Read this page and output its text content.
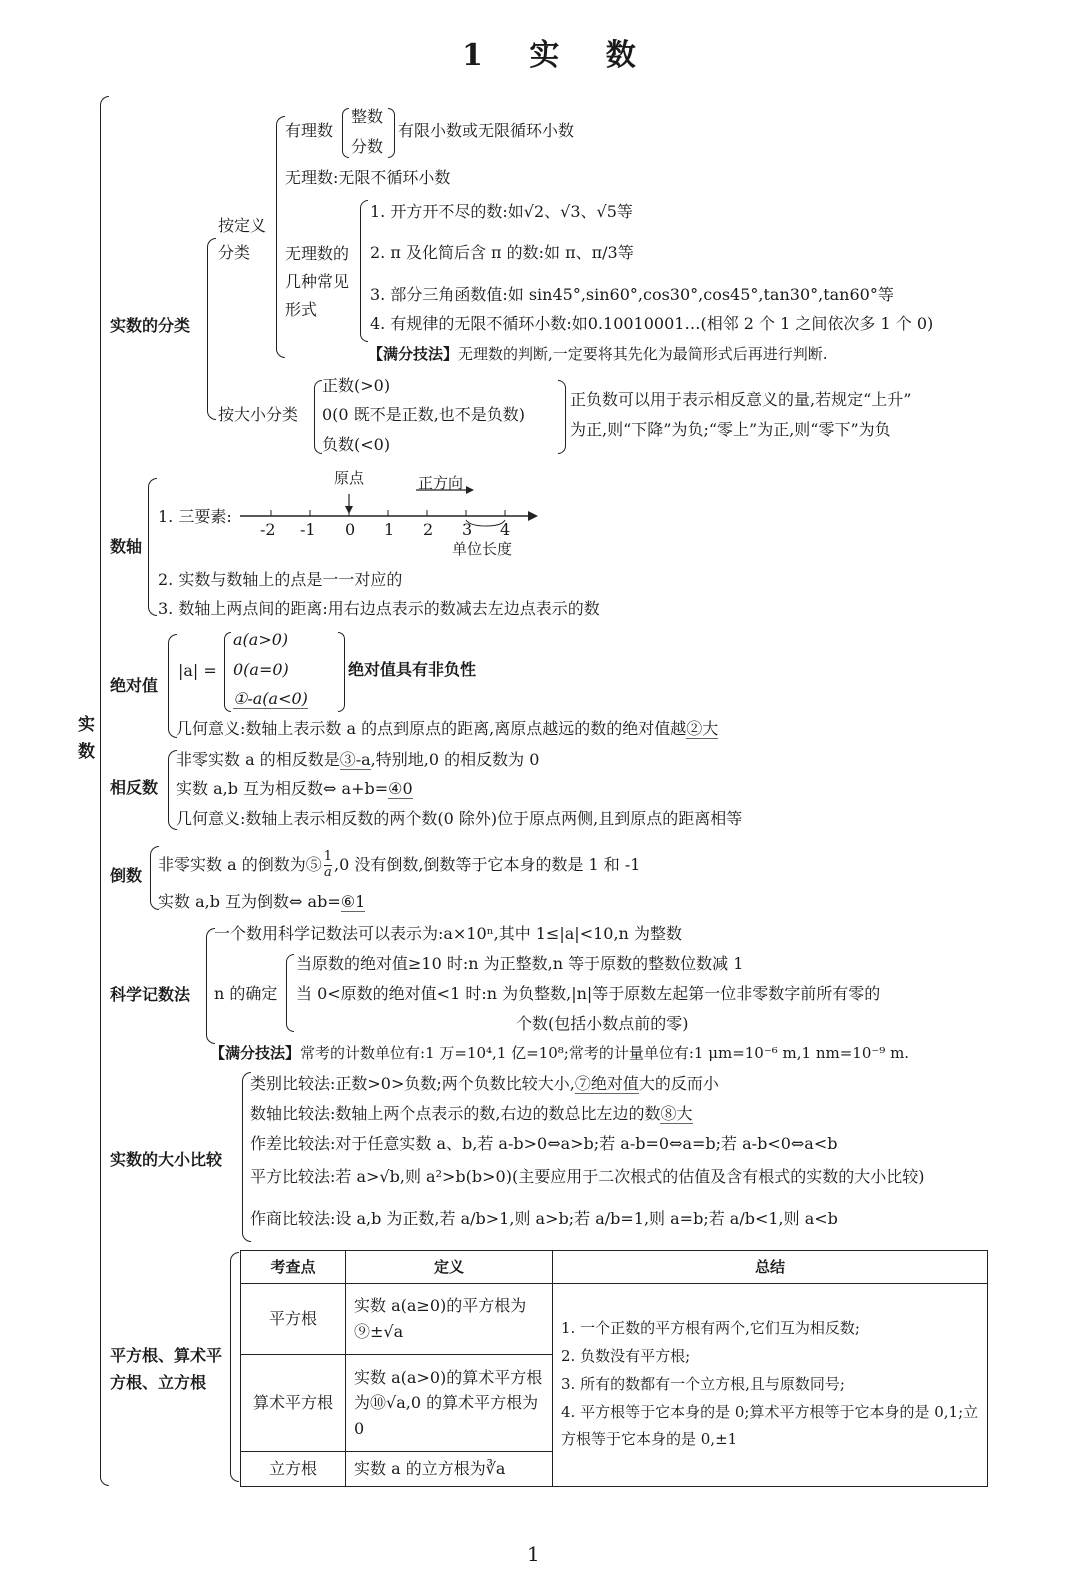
1 实 数
实数
实数的分类
按定义分类
有理数
整数
分数
有限小数或无限循环小数
无理数:无限不循环小数
无理数的几种常见形式
1. 开方开不尽的数:如√2、√3、√5等
2. π 及化简后含 π 的数:如 π、π/3等
3. 部分三角函数值:如 sin45°,sin60°,cos30°,cos45°,tan30°,tan60°等
4. 有规律的无限不循环小数:如0.10010001…(相邻 2 个 1 之间依次多 1 个 0)
【满分技法】无理数的判断,一定要将其先化为最简形式后再进行判断.
按大小分类
正数(>0)
0(0 既不是正数,也不是负数)
负数(<0)
正负数可以用于表示相反意义的量,若规定“上升”
为正,则“下降”为负;“零上”为正,则“零下”为负
数轴
1. 三要素:
原点	正方向
-2 -1 0 1 2 3 4
单位长度
2. 实数与数轴上的点是一一对应的
3. 数轴上两点间的距离:用右边点表示的数减去左边点表示的数
绝对值
|a| =
a(a>0)
0(a=0)
①-a(a<0)
绝对值具有非负性
几何意义:数轴上表示数 a 的点到原点的距离,离原点越远的数的绝对值越②大
相反数
非零实数 a 的相反数是③-a,特别地,0 的相反数为 0
实数 a,b 互为相反数⇔ a+b=④0
几何意义:数轴上表示相反数的两个数(0 除外)位于原点两侧,且到原点的距离相等
倒数
非零实数 a 的倒数为⑤ $\frac{1}{a} ,0$ 没有倒数,倒数等于它本身的数是 1 和 -1
实数 a,b 互为倒数⇔ ab=⑥1
科学记数法
一个数用科学记数法可以表示为:a×10ⁿ,其中 1≤|a|<10,n 为整数
n 的确定
当原数的绝对值≥10 时:n 为正整数,n 等于原数的整数位数减 1
当 0<原数的绝对值<1 时:n 为负整数,|n|等于原数左起第一位非零数字前所有零的
个数(包括小数点前的零)
【满分技法】常考的计数单位有:1 万=10⁴,1 亿=10⁸;常考的计量单位有:1 μm=10⁻⁶ m,1 nm=10⁻⁹ m.
实数的大小比较
类别比较法:正数>0>负数;两个负数比较大小,⑦绝对值大的反而小
数轴比较法:数轴上两个点表示的数,右边的数总比左边的数⑧大
作差比较法:对于任意实数 a、b,若 a-b>0⇔a>b;若 a-b=0⇔a=b;若 a-b<0⇔a<b
平方比较法:若 a>√b,则 a²>b(b>0)(主要应用于二次根式的估值及含有根式的实数的大小比较)
作商比较法:设 a,b 为正数,若 a/b>1,则 a>b;若 a/b=1,则 a=b;若 a/b<1,则 a<b
平方根、算术平方根、立方根
考查点	定义	总结
平方根	实数 a(a≥0)的平方根为⑨±√a	1. 一个正数的平方根有两个,它们互为相反数;
2. 负数没有平方根;
3. 所有的数都有一个立方根,且与原数同号;
4. 平方根等于它本身的是 0;算术平方根等于它本身的是 0,1;立方根等于它本身的是 0,±1

算术平方根	实数 a(a>0)的算术平方根为⑩√a,0 的算术平方根为 0	
立方根	实数 a 的立方根为∛a	
1
